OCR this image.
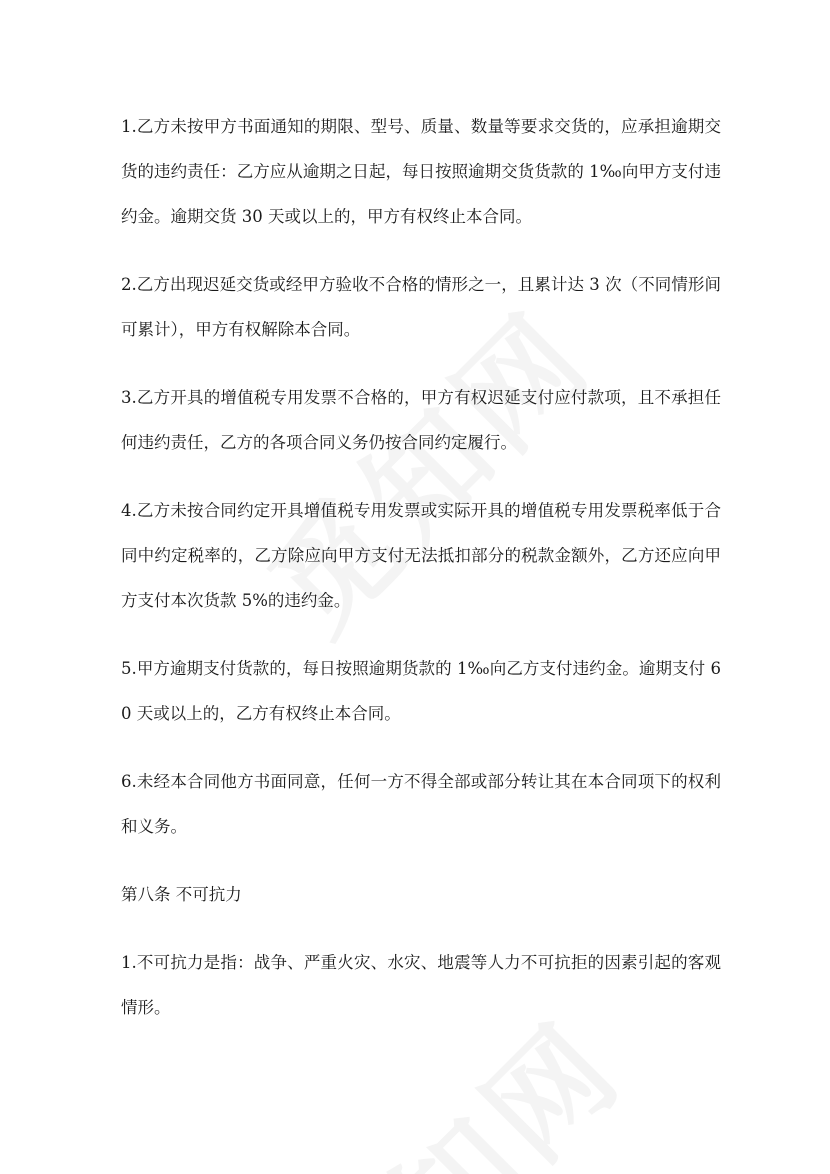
1.乙方未按甲方书面通知的期限、型号、质量、数量等要求交货的，应承担逾期交货的违约责任：乙方应从逾期之日起，每日按照逾期交货货款的 1‰向甲方支付违约金。逾期交货 30 天或以上的，甲方有权终止本合同。

2.乙方出现迟延交货或经甲方验收不合格的情形之一，且累计达 3 次（不同情形间可累计），甲方有权解除本合同。

3.乙方开具的增值税专用发票不合格的，甲方有权迟延支付应付款项，且不承担任何违约责任，乙方的各项合同义务仍按合同约定履行。

4.乙方未按合同约定开具增值税专用发票或实际开具的增值税专用发票税率低于合同中约定税率的，乙方除应向甲方支付无法抵扣部分的税款金额外，乙方还应向甲方支付本次货款 5%的违约金。

5.甲方逾期支付货款的，每日按照逾期货款的 1‰向乙方支付违约金。逾期支付 60 天或以上的，乙方有权终止本合同。

6.未经本合同他方书面同意，任何一方不得全部或部分转让其在本合同项下的权利和义务。

第八条 不可抗力

1.不可抗力是指：战争、严重火灾、水灾、地震等人力不可抗拒的因素引起的客观情形。
